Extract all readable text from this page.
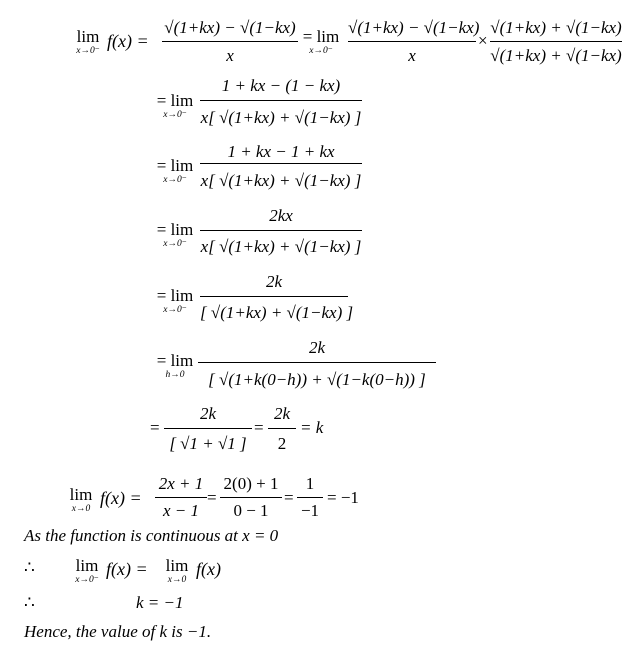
lim
x→0⁻ f(x) =
√(1+kx) − √(1−kx)
x
= lim
x→0⁻
√(1+kx) − √(1−kx)
x
×
√(1+kx) + √(1−kx)
√(1+kx) + √(1−kx)
= lim
x→0⁻
1 + kx − (1 − kx)
x[ √(1+kx) + √(1−kx) ]
= lim
x→0⁻
1 + kx − 1 + kx
x[ √(1+kx) + √(1−kx) ]
= lim
x→0⁻
2kx
x[ √(1+kx) + √(1−kx) ]
= lim
x→0⁻
2k
[ √(1+kx) + √(1−kx) ]
= lim
h→0
2k
[ √(1+k(0−h)) + √(1−k(0−h)) ]
=
2k
[ √1 + √1 ]
=
2k
2
= k
lim
x→0
f(x) =
2x + 1
x − 1
=
2(0) + 1
0 − 1
=
1
−1
= −1
As the function is continuous at x = 0
∴ lim
x→0⁻
f(x) = lim
x→0
f(x)
∴	k = −1
Hence, the value of k is −1.
